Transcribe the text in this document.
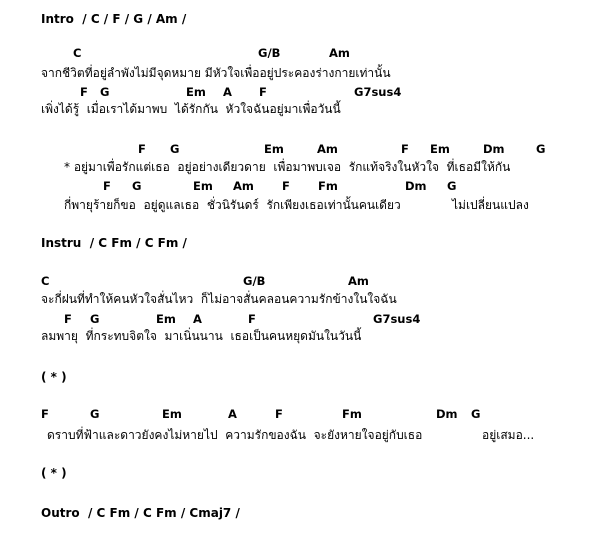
Intro  / C / F / G / Am /
C	G/B	Am
จากชีวิตที่อยู่ลำพังไม่มีจุดหมาย มีหัวใจเพื่ออยู่ประคองร่างกายเท่านั้น
F G	Em A F	G7sus4
เพิ่งได้รู้  เมื่อเราได้มาพบ  ได้รักกัน  หัวใจฉันอยู่มาเพื่อวันนี้
F G	Em	Am	F Em	Dm	G
* อยู่มาเพื่อรักแต่เธอ  อยู่อย่างเดียวดาย  เพื่อมาพบเจอ  รักแท้จริงในหัวใจ  ที่เธอมีให้กัน
F G	Em Am F Fm	Dm G
กี่พายุร้ายก็ขอ  อยู่ดูแลเธอ  ชั่วนิรันดร์  รักเพียงเธอเท่านั้นคนเดียว	ไม่เปลี่ยนแปลง
Instru  / C Fm / C Fm /
C	G/B	Am
จะกี่ฝนที่ทำให้คนหัวใจสั่นไหว  ก็ไม่อาจสั่นคลอนความรักข้างในใจฉัน
F G	Em A	F	G7sus4
ลมพายุ  ที่กระทบจิตใจ  มาเนิ่นนาน  เธอเป็นคนหยุดมันในวันนี้
( * )
F	G	Em	A	F	Fm	Dm G
ดราบที่ฟ้าและดาวยังคงไม่หายไป  ความรักของฉัน  จะยังหายใจอยู่กับเธอ	อยู่เสมอ...
( * )
Outro  / C Fm / C Fm / Cmaj7 /
